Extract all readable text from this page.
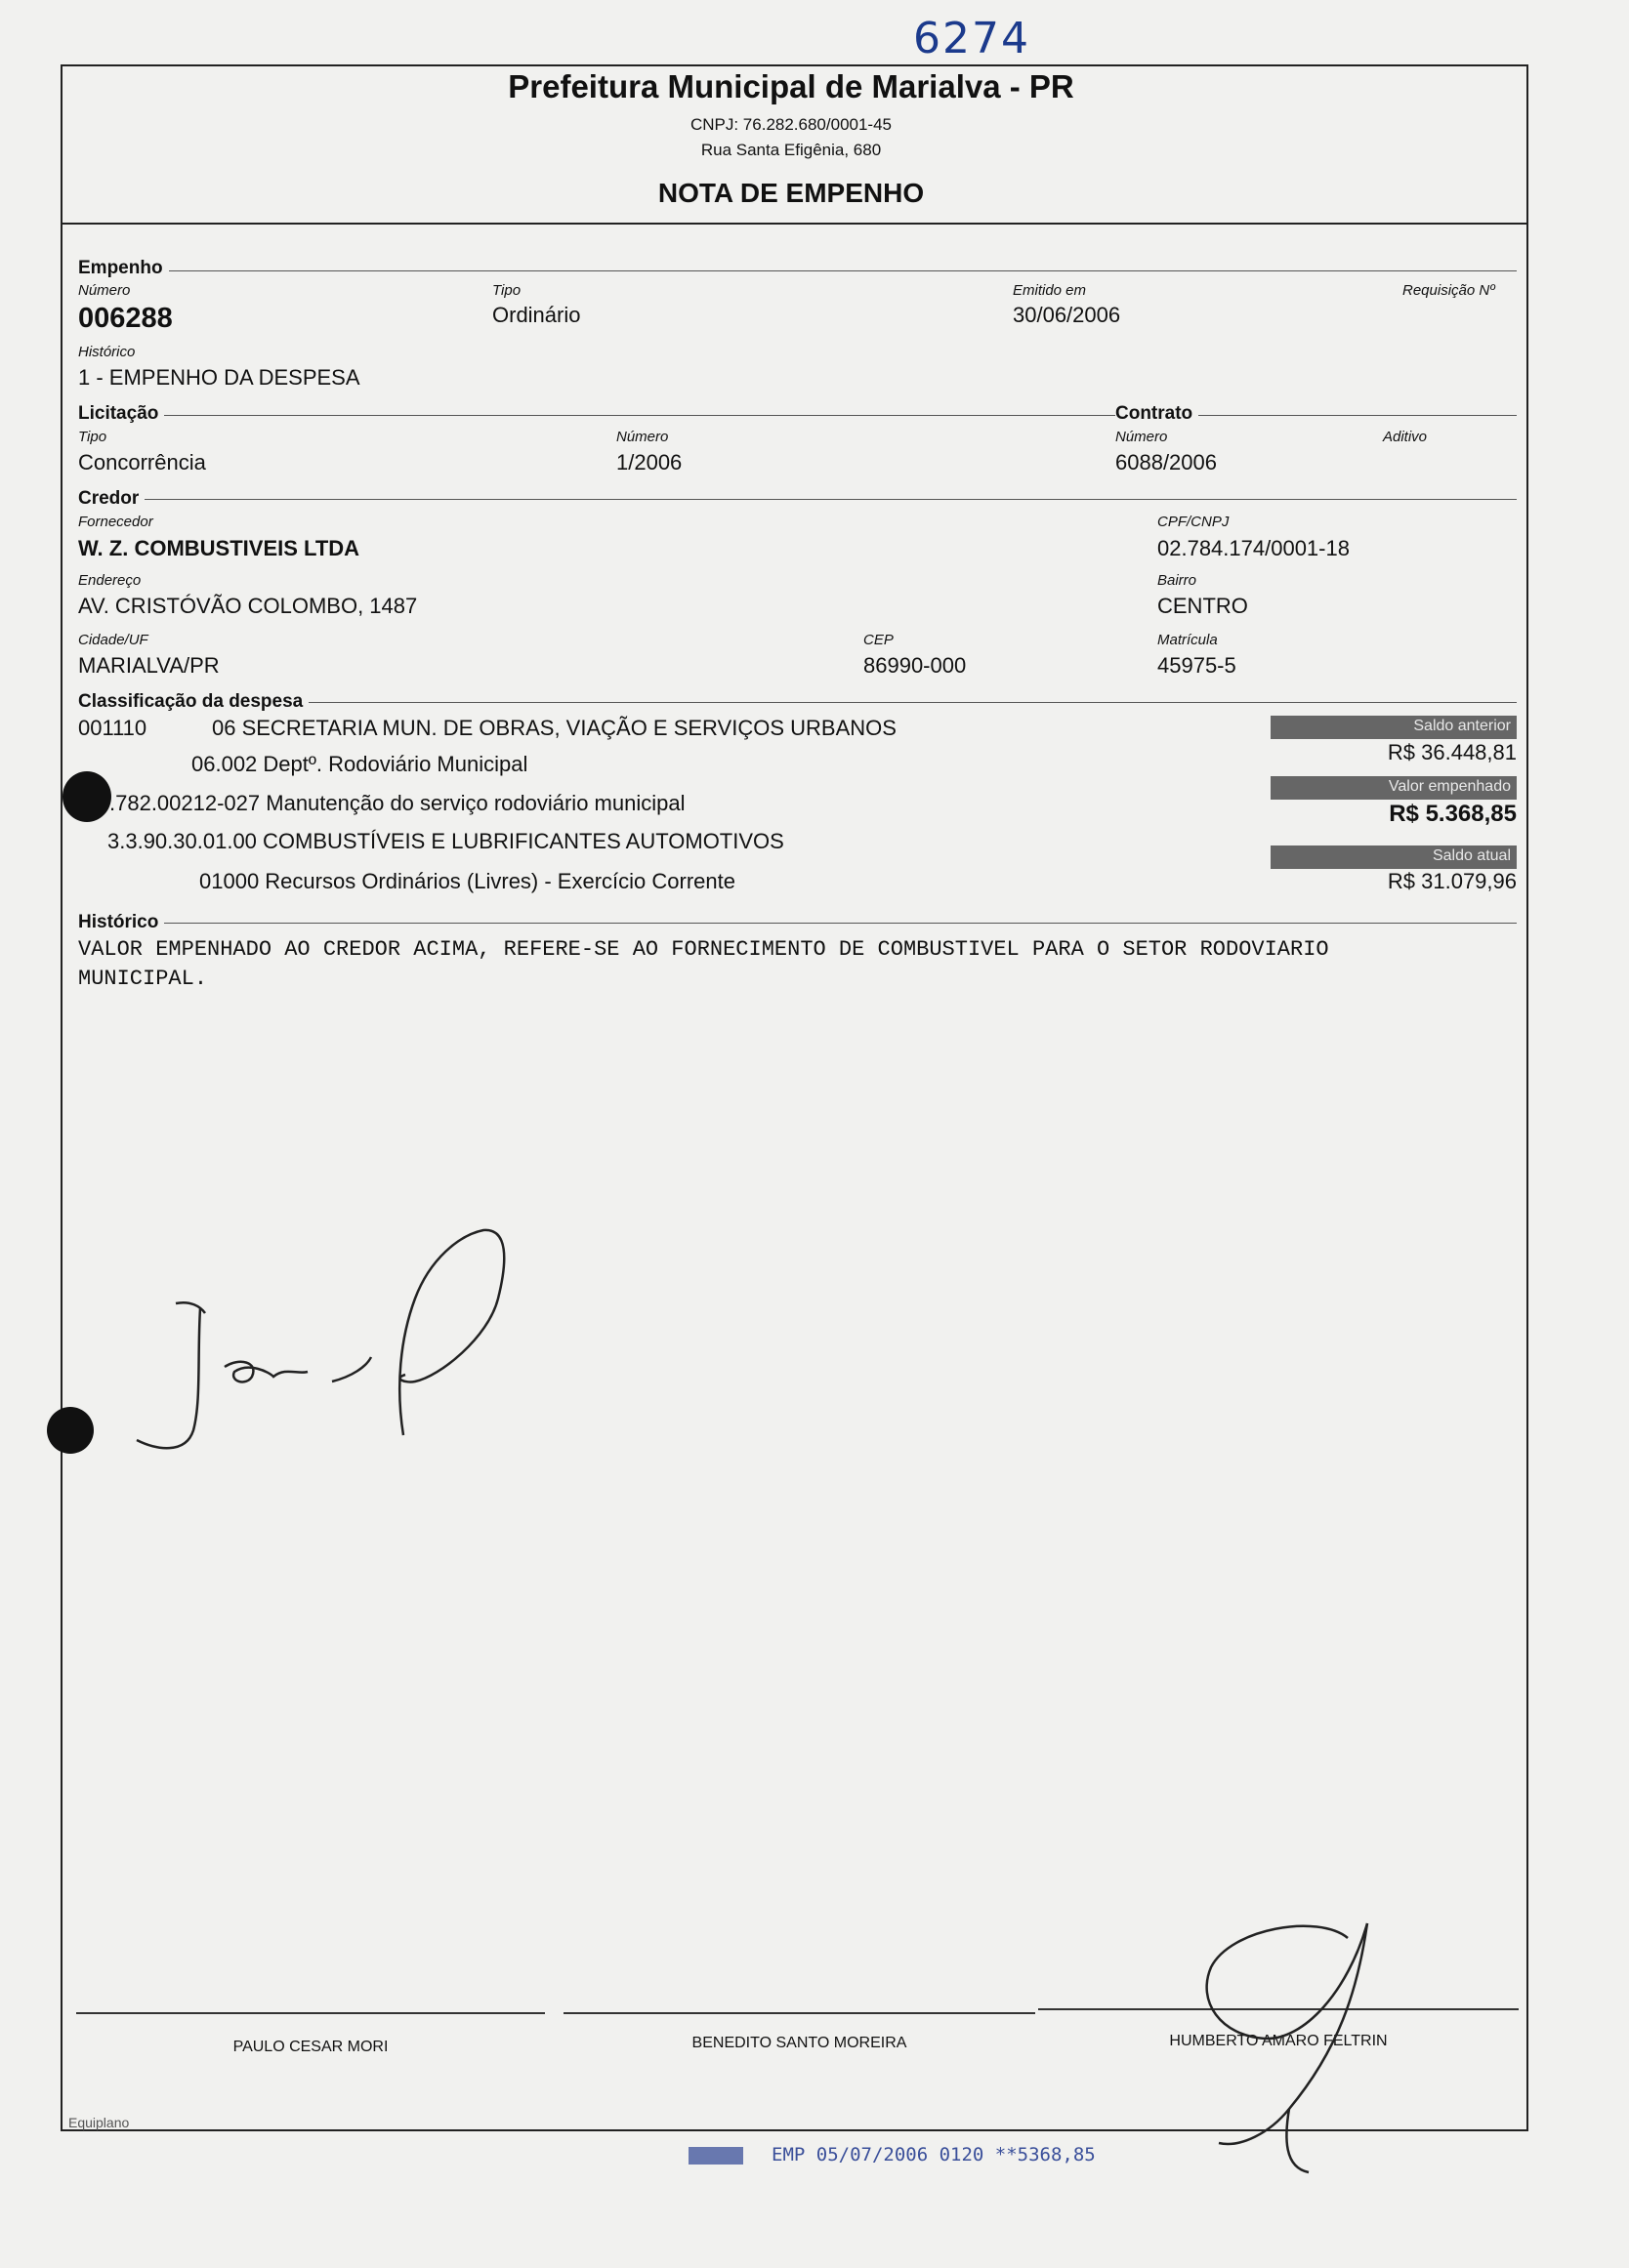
6274
Prefeitura Municipal de Marialva - PR
CNPJ: 76.282.680/0001-45
Rua Santa Efigênia, 680
NOTA DE EMPENHO
Empenho
Número
006288
Tipo
Ordinário
Emitido em
30/06/2006
Requisição Nº
Histórico
1 - EMPENHO DA DESPESA
Licitação	Contrato
Tipo
Concorrência
Número
1/2006
Número
6088/2006
Aditivo
Credor
Fornecedor
W. Z. COMBUSTIVEIS LTDA
CPF/CNPJ
02.784.174/0001-18
Endereço
AV. CRISTÓVÃO COLOMBO, 1487
Bairro
CENTRO
Cidade/UF
MARIALVA/PR
CEP
86990-000
Matrícula
45975-5
Classificação da despesa
001110	06 SECRETARIA MUN. DE OBRAS, VIAÇÃO E SERVIÇOS URBANOS
06.002 Deptº. Rodoviário Municipal
.782.00212-027 Manutenção do serviço rodoviário municipal
3.3.90.30.01.00 COMBUSTÍVEIS E LUBRIFICANTES AUTOMOTIVOS
01000 Recursos Ordinários (Livres) - Exercício Corrente
Saldo anterior
R$ 36.448,81
Valor empenhado
R$ 5.368,85
Saldo atual
R$ 31.079,96
Histórico
VALOR EMPENHADO AO CREDOR ACIMA, REFERE-SE AO FORNECIMENTO DE COMBUSTIVEL PARA O SETOR RODOVIARIO
MUNICIPAL.
PAULO CESAR MORI	BENEDITO SANTO MOREIRA	HUMBERTO AMARO FELTRIN
Equiplano
EMP 05/07/2006 0120 **5368,85
